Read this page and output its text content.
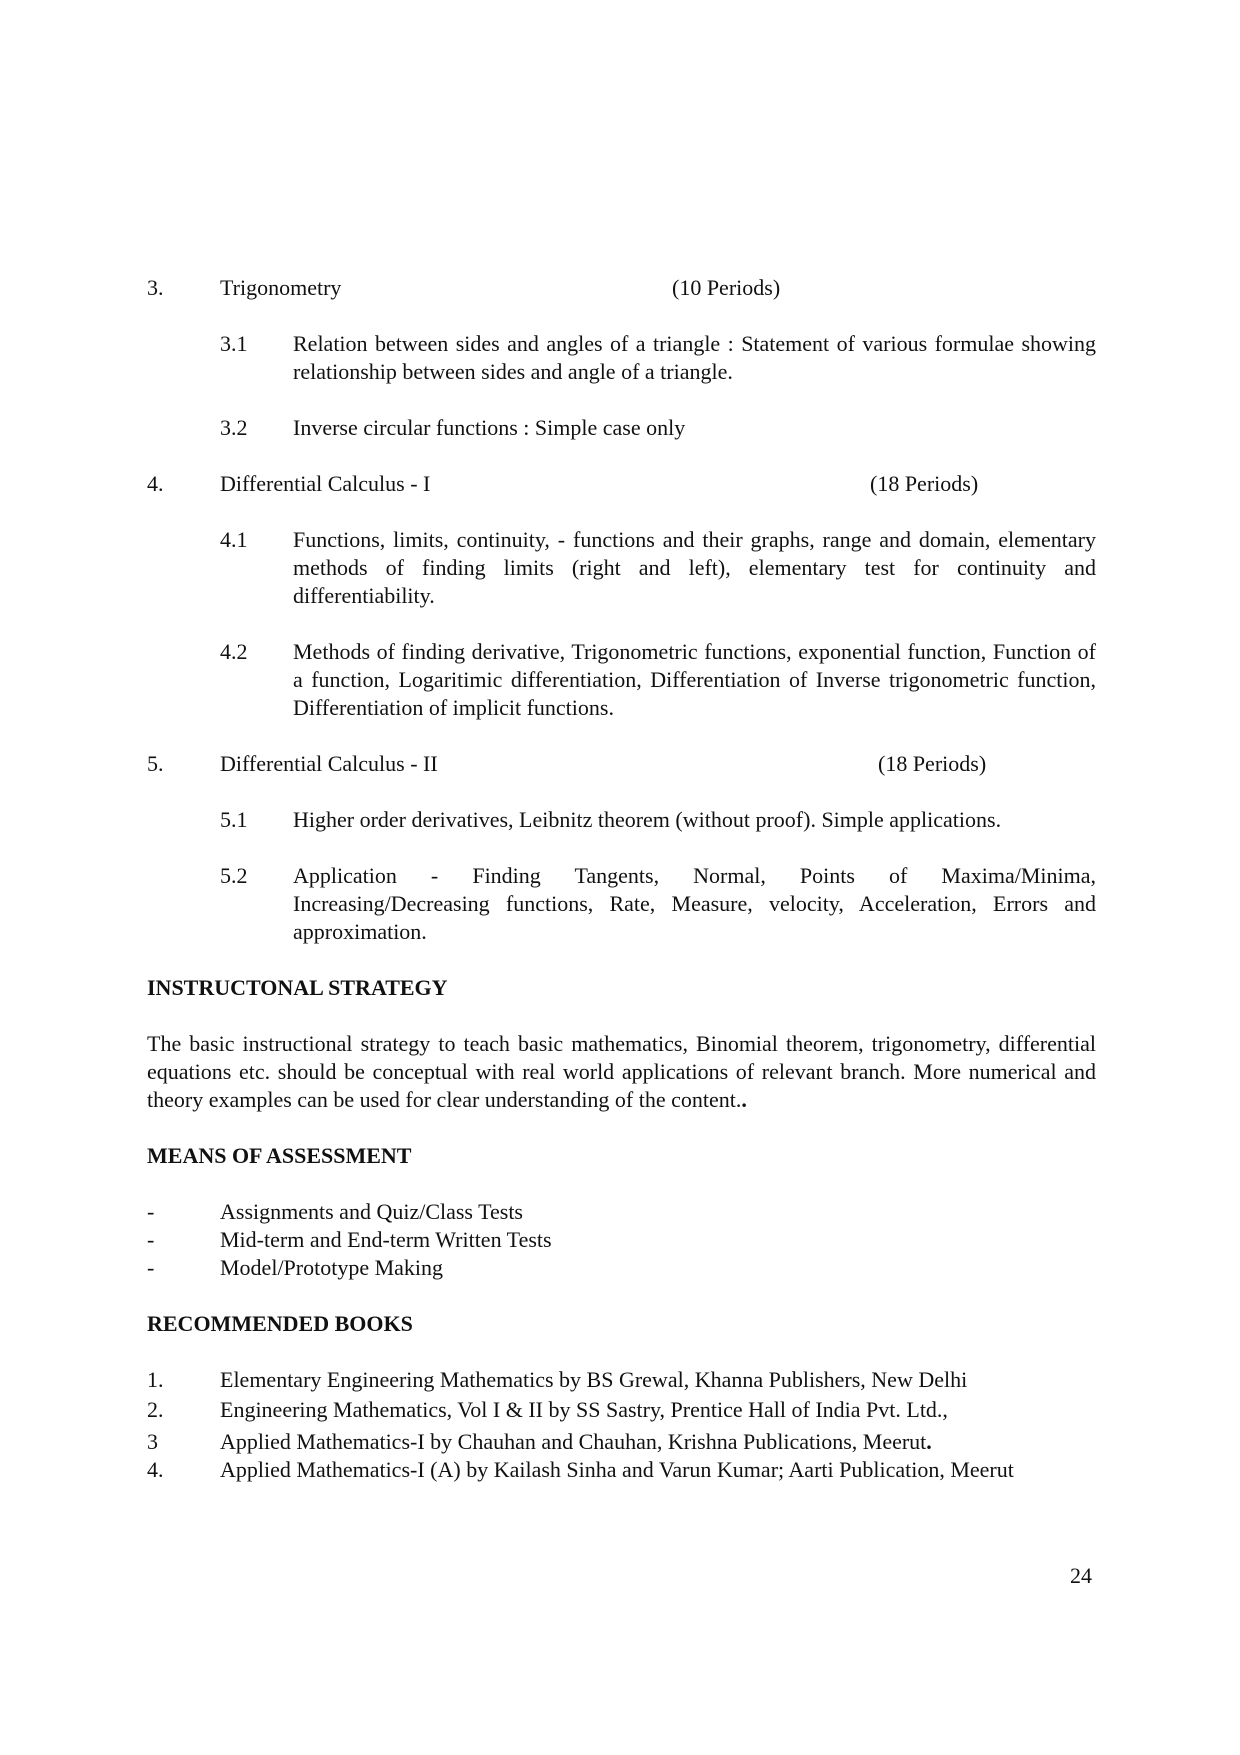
3.	Trigonometry	(10 Periods)
3.1 Relation between sides and angles of a triangle : Statement of various formulae showing relationship between sides and angle of a triangle.
3.2 Inverse circular functions : Simple case only
4.	Differential Calculus - I	(18 Periods)
4.1 Functions, limits, continuity, - functions and their graphs, range and domain, elementary methods of finding limits (right and left), elementary test for continuity and differentiability.
4.2 Methods of finding derivative, Trigonometric functions, exponential function, Function of a function, Logaritimic differentiation, Differentiation of Inverse trigonometric function, Differentiation of implicit functions.
5.	Differential Calculus - II	(18 Periods)
5.1 Higher order derivatives, Leibnitz theorem (without proof). Simple applications.
5.2 Application - Finding Tangents, Normal, Points of Maxima/Minima, Increasing/Decreasing functions, Rate, Measure, velocity, Acceleration, Errors and approximation.
INSTRUCTONAL STRATEGY
The basic instructional strategy to teach basic mathematics, Binomial theorem, trigonometry, differential equations etc. should be conceptual with real world applications of relevant branch. More numerical and theory examples can be used for clear understanding of the content..
MEANS OF ASSESSMENT
-	Assignments and Quiz/Class Tests
-	Mid-term and End-term Written Tests
-	Model/Prototype Making
RECOMMENDED BOOKS
1.	Elementary Engineering Mathematics by BS Grewal, Khanna Publishers, New Delhi
2.	Engineering Mathematics, Vol I & II by SS Sastry, Prentice Hall of India Pvt. Ltd.,
3	Applied Mathematics-I by Chauhan and Chauhan, Krishna Publications, Meerut.
4.	Applied Mathematics-I (A) by Kailash Sinha and Varun Kumar; Aarti Publication, Meerut
24
